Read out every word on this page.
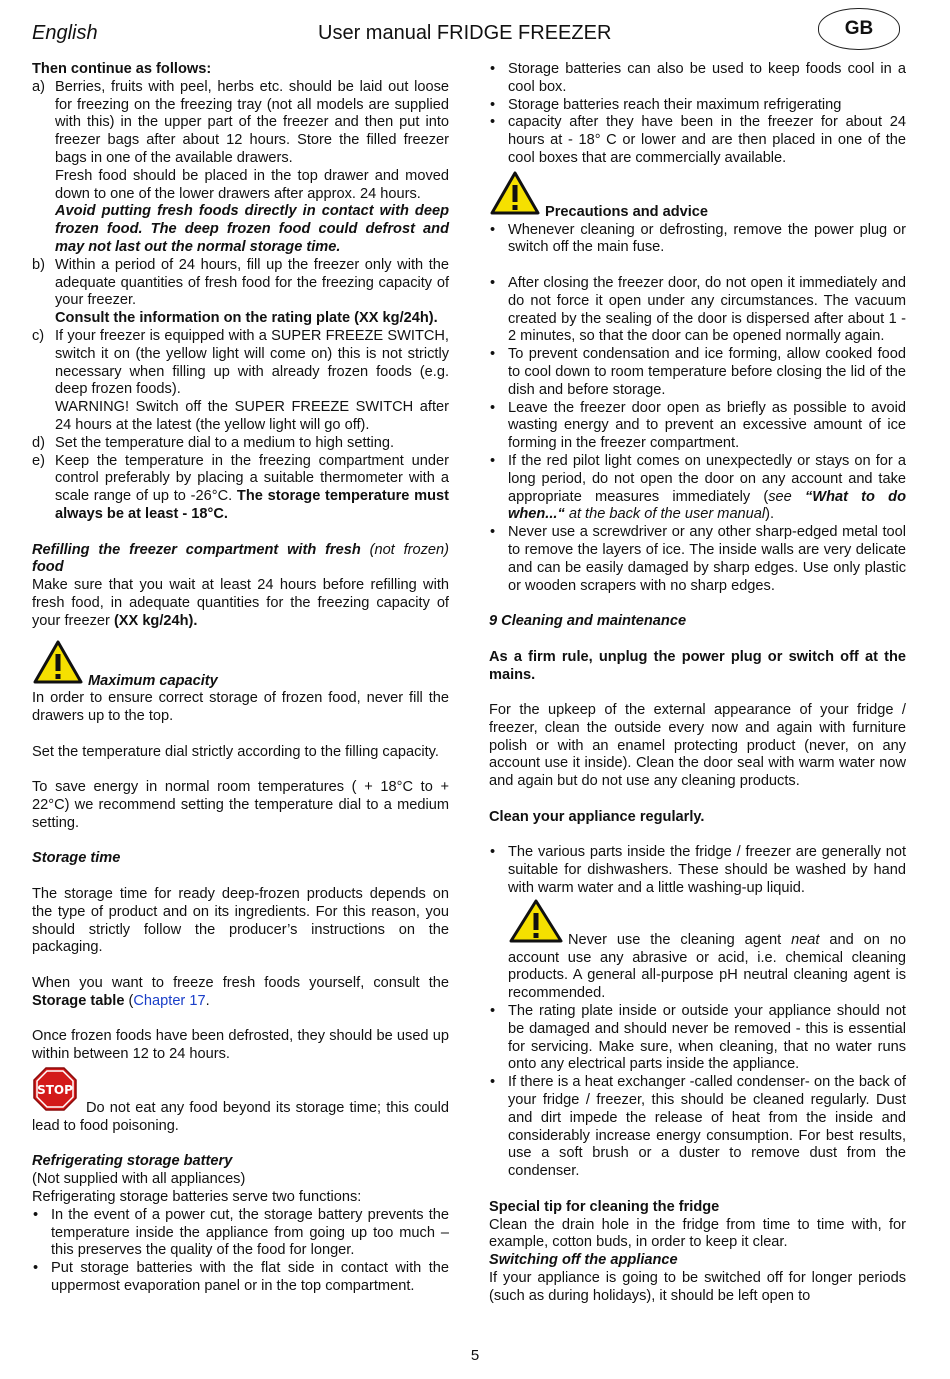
English	User manual FRIDGE FREEZER	GB

Then continue as follows:

a) Berries, fruits with peel, herbs etc. should be laid out loose for freezing on the freezing tray (not all models are supplied with this) in the upper part of the freezer and then put into freezer bags after about 12 hours. Store the filled freezer bags in one of the available drawers.

Fresh food should be placed in the top drawer and moved down to one of the lower drawers after approx. 24 hours.

Avoid putting fresh foods directly in contact with deep frozen food. The deep frozen food could defrost and may not last out the normal storage time.

b) Within a period of 24 hours, fill up the freezer only with the adequate quantities of fresh food for the freezing capacity of your freezer.

Consult the information on the rating plate (XX kg/24h).

c) If your freezer is equipped with a SUPER FREEZE SWITCH, switch it on (the yellow light will come on) this is not strictly necessary when filling up with already frozen foods (e.g. deep frozen foods).

WARNING! Switch off the SUPER FREEZE SWITCH after 24 hours at the latest (the yellow light will go off).

d) Set the temperature dial to a medium to high setting.

e) Keep the temperature in the freezing compartment under control preferably by placing a suitable thermometer with a scale range of up to -26°C. The storage temperature must always be at least - 18°C.

Refilling the freezer compartment with fresh (not frozen) food

Make sure that you wait at least 24 hours before refilling with fresh food, in adequate quantities for the freezing capacity of your freezer (XX kg/24h).

Maximum capacity

In order to ensure correct storage of frozen food, never fill the drawers up to the top.

Set the temperature dial strictly according to the filling capacity.

To save energy in normal room temperatures ( + 18°C to + 22°C) we recommend setting the temperature dial to a medium setting.

Storage time

The storage time for ready deep-frozen products depends on the type of product and on its ingredients. For this reason, you should strictly follow the producer’s instructions on the packaging.

When you want to freeze fresh foods yourself, consult the Storage table (Chapter 17.

Once frozen foods have been defrosted, they should be used up within between 12 to 24 hours.

STOP
Do not eat any food beyond its storage time; this could lead to food poisoning.

Refrigerating storage battery

(Not supplied with all appliances)

Refrigerating storage batteries serve two functions:

• In the event of a power cut, the storage battery prevents the temperature inside the appliance from going up too much – this preserves the quality of the food for longer.

• Put storage batteries with the flat side in contact with the uppermost evaporation panel or in the top compartment.

• Storage batteries can also be used to keep foods cool in a cool box.

• Storage batteries reach their maximum refrigerating

• capacity after they have been in the freezer for about 24 hours at - 18° C or lower and are then placed in one of the cool boxes that are commercially available.

Precautions and advice

• Whenever cleaning or defrosting, remove the power plug or switch off the main fuse.

• After closing the freezer door, do not open it immediately and do not force it open under any circumstances. The vacuum created by the sealing of the door is dispersed after about 1 - 2 minutes, so that the door can be opened normally again.

• To prevent condensation and ice forming, allow cooked food to cool down to room temperature before closing the lid of the dish and before storage.

• Leave the freezer door open as briefly as possible to avoid wasting energy and to prevent an excessive amount of ice forming in the freezer compartment.

• If the red pilot light comes on unexpectedly or stays on for a long period, do not open the door on any account and take appropriate measures immediately (see “What to do when...“ at the back of the user manual).

• Never use a screwdriver or any other sharp-edged metal tool to remove the layers of ice. The inside walls are very delicate and can be easily damaged by sharp edges. Use only plastic or wooden scrapers with no sharp edges.

9 Cleaning and maintenance

As a firm rule, unplug the power plug or switch off at the mains.

For the upkeep of the external appearance of your fridge / freezer, clean the outside every now and again with furniture polish or with an enamel protecting product (never, on any account use it inside). Clean the door seal with warm water now and again but do not use any cleaning products.

Clean your appliance regularly.

• The various parts inside the fridge / freezer are generally not suitable for dishwashers. These should be washed by hand with warm water and a little washing-up liquid.

Never use the cleaning agent neat and on no account use any abrasive or acid, i.e. chemical cleaning products. A general all-purpose pH neutral cleaning agent is recommended.

• The rating plate inside or outside your appliance should not be damaged and should never be removed - this is essential for servicing. Make sure, when cleaning, that no water runs onto any electrical parts inside the appliance.

• If there is a heat exchanger -called condenser- on the back of your fridge / freezer, this should be cleaned regularly. Dust and dirt impede the release of heat from the inside and considerably increase energy consumption. For best results, use a soft brush or a duster to remove dust from the condenser.

Special tip for cleaning the fridge

Clean the drain hole in the fridge from time to time with, for example, cotton buds, in order to keep it clear.

Switching off the appliance

If your appliance is going to be switched off for longer periods (such as during holidays), it should be left open to

5
